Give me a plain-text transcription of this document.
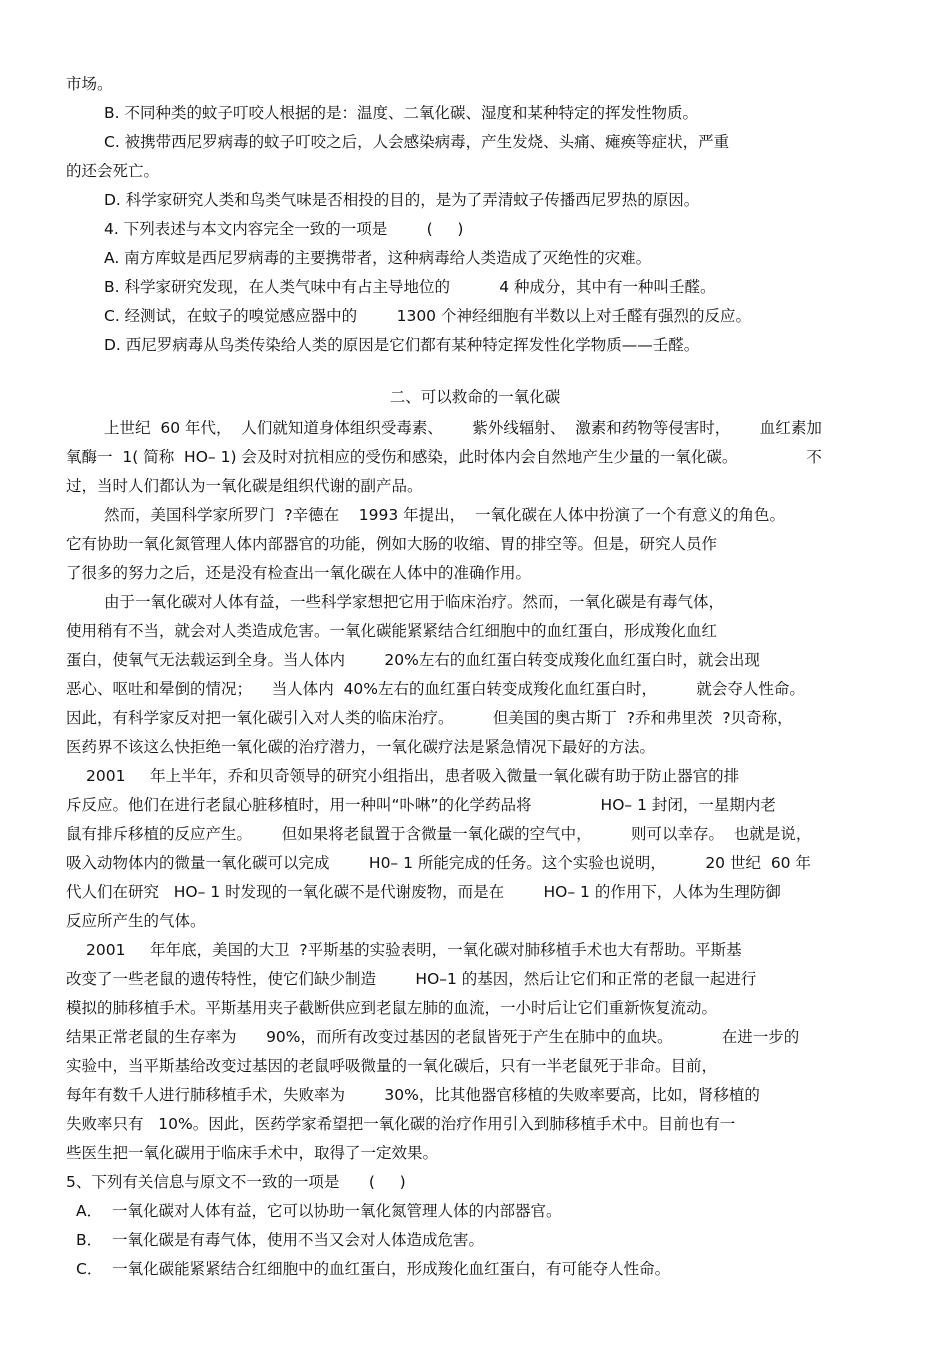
市场。
B. 不同种类的蚊子叮咬人根据的是：温度、二氧化碳、湿度和某种特定的挥发性物质。
C. 被携带西尼罗病毒的蚊子叮咬之后，人会感染病毒，产生发烧、头痛、瘫痪等症状，严重
的还会死亡。
D. 科学家研究人类和鸟类气味是否相投的目的，是为了弄清蚊子传播西尼罗热的原因。
4. 下列表述与本文内容完全一致的一项是        (     )
A. 南方库蚊是西尼罗病毒的主要携带者，这种病毒给人类造成了灭绝性的灾难。
B. 科学家研究发现，在人类气味中有占主导地位的          4 种成分，其中有一种叫壬醛。
C. 经测试，在蚊子的嗅觉感应器中的        1300 个神经细胞有半数以上对壬醛有强烈的反应。
D. 西尼罗病毒从鸟类传染给人类的原因是它们都有某种特定挥发性化学物质——壬醛。
二、可以救命的一氧化碳
上世纪  60 年代，  人们就知道身体组织受毒素、      紫外线辐射、  激素和药物等侵害时，      血红素加
氧酶一  1( 简称  HO– 1) 会及时对抗相应的受伤和感染，此时体内会自然地产生少量的一氧化碳。              不
过，当时人们都认为一氧化碳是组织代谢的副产品。
然而，美国科学家所罗门  ?辛德在    1993 年提出，  一氧化碳在人体中扮演了一个有意义的角色。
它有协助一氧化氮管理人体内部器官的功能，例如大肠的收缩、胃的排空等。但是，研究人员作
了很多的努力之后，还是没有检查出一氧化碳在人体中的准确作用。
由于一氧化碳对人体有益，一些科学家想把它用于临床治疗。然而，一氧化碳是有毒气体，
使用稍有不当，就会对人类造成危害。一氧化碳能紧紧结合红细胞中的血红蛋白，形成羧化血红
蛋白，使氧气无法载运到全身。当人体内        20%左右的血红蛋白转变成羧化血红蛋白时，就会出现
恶心、呕吐和晕倒的情况；    当人体内  40%左右的血红蛋白转变成羧化血红蛋白时，        就会夺人性命。
因此，有科学家反对把一氧化碳引入对人类的临床治疗。        但美国的奥古斯丁  ?乔和弗里茨  ?贝奇称，
医药界不该这么快拒绝一氧化碳的治疗潜力，一氧化碳疗法是紧急情况下最好的方法。
2001     年上半年，乔和贝奇领导的研究小组指出，患者吸入微量一氧化碳有助于防止器官的排
斥反应。他们在进行老鼠心脏移植时，用一种叫“卟啉”的化学药品将              HO– 1 封闭，一星期内老
鼠有排斥移植的反应产生。      但如果将老鼠置于含微量一氧化碳的空气中，        则可以幸存。  也就是说，
吸入动物体内的微量一氧化碳可以完成        H0– 1 所能完成的任务。这个实验也说明，        20 世纪  60 年
代人们在研究   HO– 1 时发现的一氧化碳不是代谢废物，而是在        HO– 1 的作用下，人体为生理防御
反应所产生的气体。
2001     年年底，美国的大卫  ?平斯基的实验表明，一氧化碳对肺移植手术也大有帮助。平斯基
改变了一些老鼠的遗传特性，使它们缺少制造        HO–1 的基因，然后让它们和正常的老鼠一起进行
模拟的肺移植手术。平斯基用夹子截断供应到老鼠左肺的血流，一小时后让它们重新恢复流动。
结果正常老鼠的生存率为      90%，而所有改变过基因的老鼠皆死于产生在肺中的血块。          在进一步的
实验中，当平斯基给改变过基因的老鼠呼吸微量的一氧化碳后，只有一半老鼠死于非命。目前，
每年有数千人进行肺移植手术，失败率为        30%，比其他器官移植的失败率要高，比如，肾移植的
失败率只有   10%。因此，医药学家希望把一氧化碳的治疗作用引入到肺移植手术中。目前也有一
些医生把一氧化碳用于临床手术中，取得了一定效果。
5、下列有关信息与原文不一致的一项是      (     )
A．  一氧化碳对人体有益，它可以协助一氧化氮管理人体的内部器官。
B．  一氧化碳是有毒气体，使用不当又会对人体造成危害。
C．  一氧化碳能紧紧结合红细胞中的血红蛋白，形成羧化血红蛋白，有可能夺人性命。
